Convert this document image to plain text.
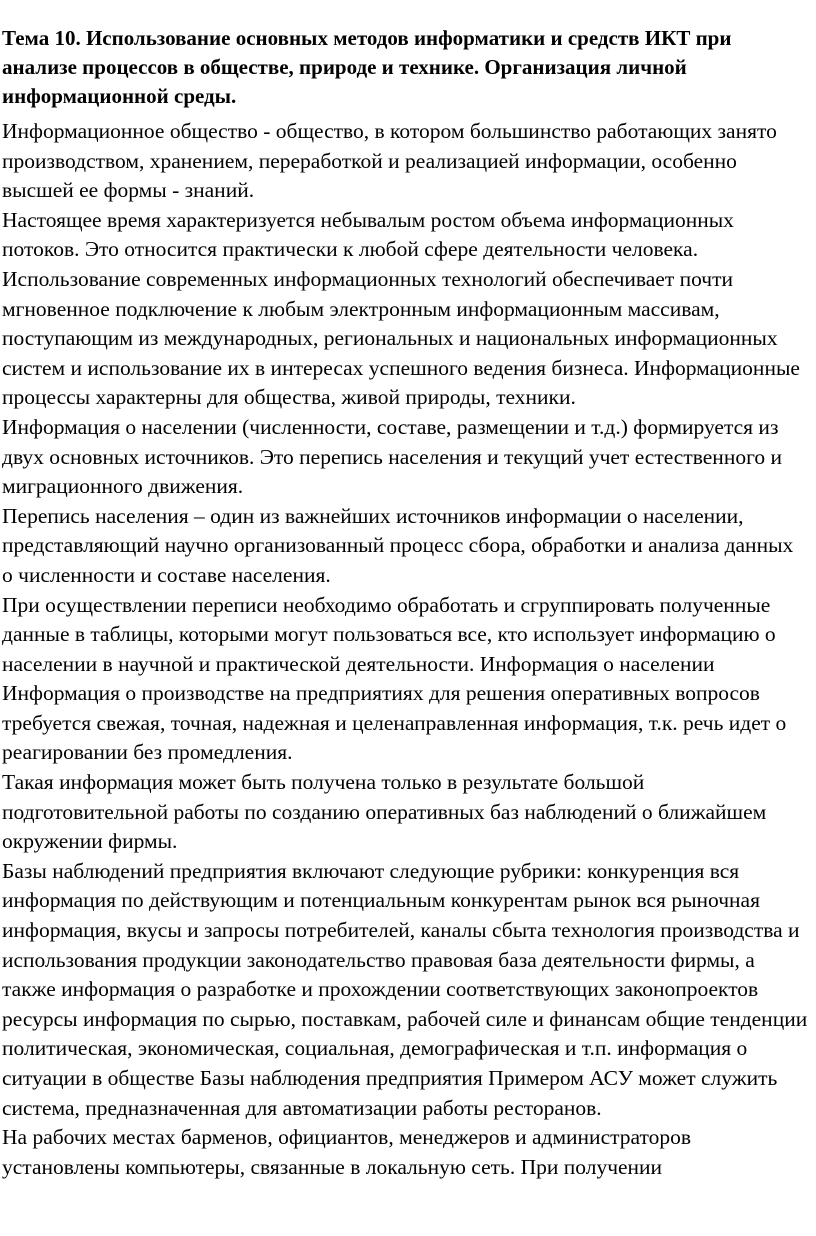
Тема 10. Использование основных методов информатики и средств ИКТ при анализе процессов в обществе, природе и технике. Организация личной информационной среды.

Информационное общество - общество, в котором большинство работающих занято производством, хранением, переработкой и реализацией информации, особенно высшей ее формы - знаний.

Настоящее время характеризуется небывалым ростом объема информационных потоков. Это относится практически к любой сфере деятельности человека.

Использование современных информационных технологий обеспечивает почти мгновенное подключение к любым электронным информационным массивам, поступающим из международных, региональных и национальных информационных систем и использование их в интересах успешного ведения бизнеса. Информационные процессы характерны для общества, живой природы, техники.

Информация о населении (численности, составе, размещении и т.д.) формируется из двух основных источников. Это перепись населения и текущий учет естественного и миграционного движения.

Перепись населения – один из важнейших источников информации о населении, представляющий научно организованный процесс сбора, обработки и анализа данных о численности и составе населения.

При осуществлении переписи необходимо обработать и сгруппировать полученные данные в таблицы, которыми могут пользоваться все, кто использует информацию о населении в научной и практической деятельности. Информация о населении Информация о производстве на предприятиях для решения оперативных вопросов требуется свежая, точная, надежная и целенаправленная информация, т.к. речь идет о реагировании без промедления.

Такая информация может быть получена только в результате большой подготовительной работы по созданию оперативных баз наблюдений о ближайшем окружении фирмы.

Базы наблюдений предприятия включают следующие рубрики: конкуренция вся информация по действующим и потенциальным конкурентам рынок вся рыночная информация, вкусы и запросы потребителей, каналы сбыта технология производства и использования продукции законодательство правовая база деятельности фирмы, а также информация о разработке и прохождении соответствующих законопроектов ресурсы информация по сырью, поставкам, рабочей силе и финансам общие тенденции политическая, экономическая, социальная, демографическая и т.п. информация о ситуации в обществе Базы наблюдения предприятия Примером АСУ может служить система, предназначенная для автоматизации работы ресторанов.

На рабочих местах барменов, официантов, менеджеров и администраторов установлены компьютеры, связанные в локальную сеть. При получении
